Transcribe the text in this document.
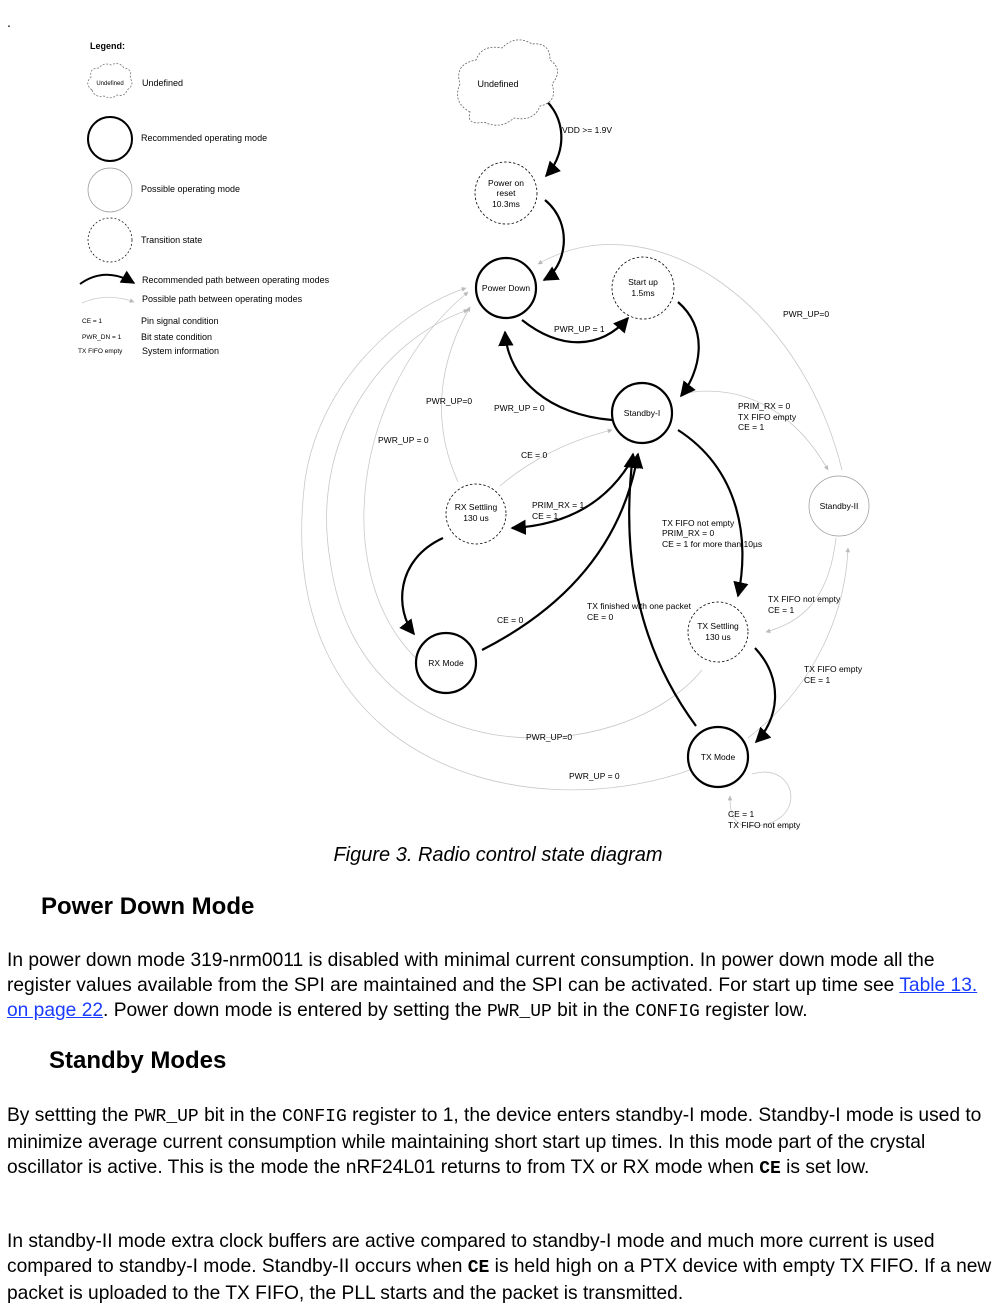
.
Legend:
Undefined Undefined
Recommended operating mode
Possible operating mode
Transition state
Recommended path between operating modes
Possible path between operating modes
CE = 1	Pin signal condition
PWR_DN = 1 Bit state condition
TX FIFO empty System information
Undefined
Power on
reset
10.3ms
Power Down
Start up
1.5ms
Standby-I
Standby-II
RX Settling
130 us
RX Mode
TX Settling
130 us
TX Mode
VDD >= 1.9V
PWR_UP = 1
PWR_UP=0
PWR_UP = 0
PWR_UP=0
PWR_UP = 0
PWR_UP=0
PWR_UP = 0
CE = 0
CE = 0
PRIM_RX = 1
CE = 1
PRIM_RX = 0
TX FIFO empty
CE = 1
TX FIFO not empty
PRIM_RX = 0
CE = 1 for more than 10µs
TX finished with one packet
CE = 0
TX FIFO not empty
CE = 1
TX FIFO empty
CE = 1
CE = 1
TX FIFO not empty
Figure 3. Radio control state diagram
Power Down Mode
In power down mode 319-nrm0011 is disabled with minimal current consumption. In power down mode all the register values available from the SPI are maintained and the SPI can be activated. For start up time see Table 13. on page 22. Power down mode is entered by setting the PWR_UP bit in the CONFIG register low.
Standby Modes
By settting the PWR_UP bit in the CONFIG register to 1, the device enters standby-I mode. Standby-I mode is used to minimize average current consumption while maintaining short start up times. In this mode part of the crystal oscillator is active. This is the mode the nRF24L01 returns to from TX or RX mode when CE is set low.
In standby-II mode extra clock buffers are active compared to standby-I mode and much more current is used compared to standby-I mode. Standby-II occurs when CE is held high on a PTX device with empty TX FIFO. If a new packet is uploaded to the TX FIFO, the PLL starts and the packet is transmitted.
